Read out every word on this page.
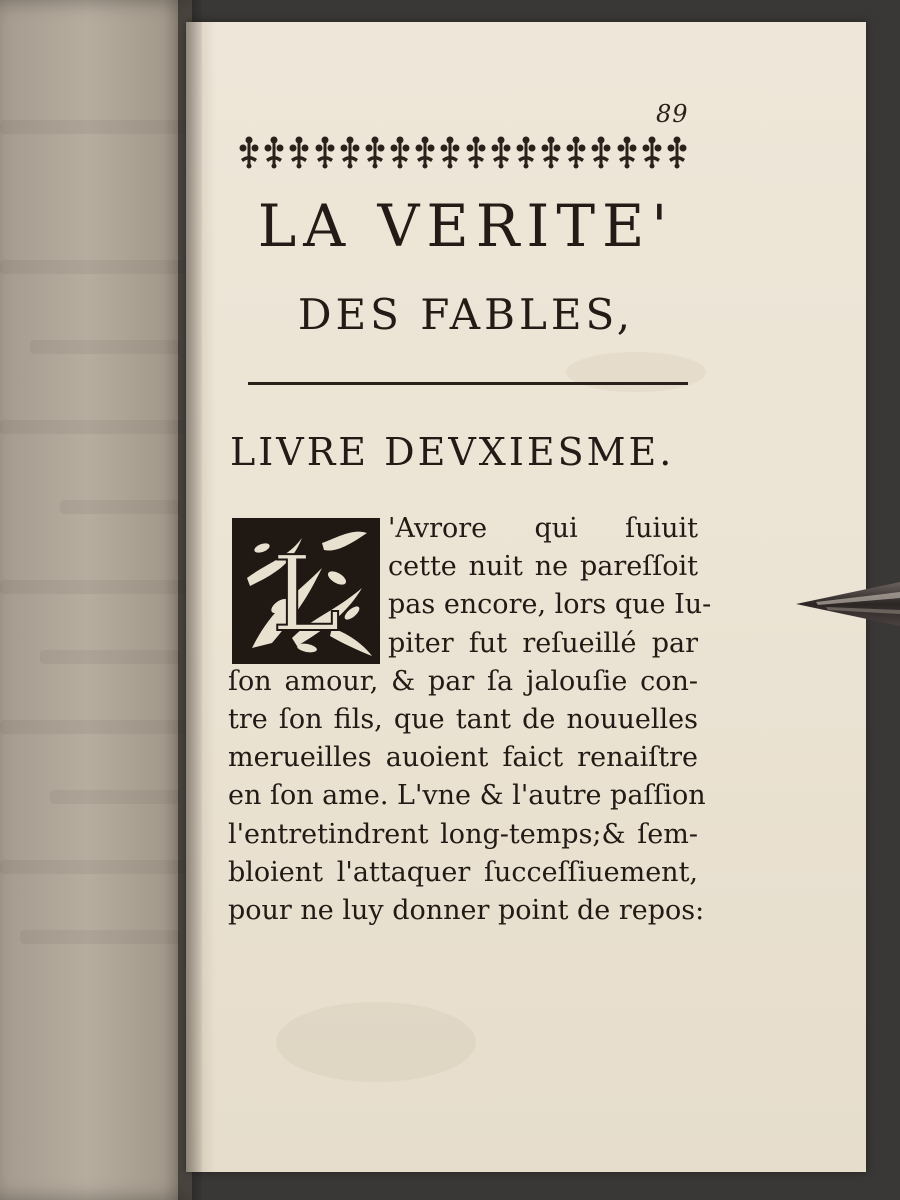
89
LA VERITE'
DES FABLES,
LIVRE DEVXIESME.
L
'Avrore qui ſuiuit
cette nuit ne pareſſoit
pas encore, lors que Iu-
piter fut reſueillé par
ſon amour, & par ſa jalouſie con-
tre ſon fils, que tant de nouuelles
merueilles auoient faict renaiſtre
en ſon ame. L'vne & l'autre paſſion
l'entretindrent long-temps;& ſem-
bloient l'attaquer ſucceſſiuement,
pour ne luy donner point de repos:
